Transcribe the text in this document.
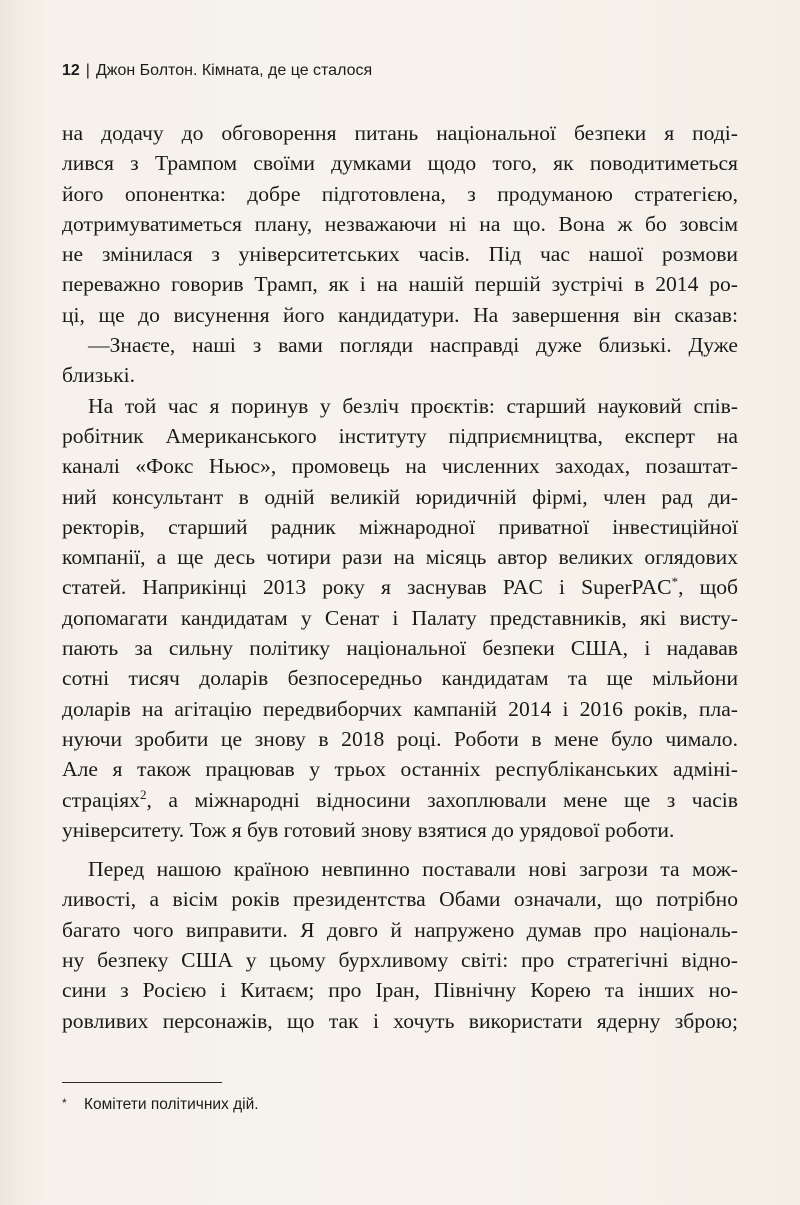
12 | Джон Болтон. Кімната, де це сталося

на додачу до обговорення питань національної безпеки я поді-
лився з Трампом своїми думками щодо того, як поводитиметься
його опонентка: добре підготовлена, з продуманою стратегією,
дотримуватиметься плану, незважаючи ні на що. Вона ж бо зовсім
не змінилася з університетських часів. Під час нашої розмови
переважно говорив Трамп, як і на нашій першій зустрічі в 2014 ро-
ці, ще до висунення його кандидатури. На завершення він сказав:

—Знаєте, наші з вами погляди насправді дуже близькі. Дуже
близькі.

На той час я поринув у безліч проєктів: старший науковий спів-
робітник Американського інституту підприємництва, експерт на
каналі «Фокс Ньюс», промовець на численних заходах, позаштат-
ний консультант в одній великій юридичній фірмі, член рад ди-
ректорів, старший радник міжнародної приватної інвестиційної
компанії, а ще десь чотири рази на місяць автор великих оглядових
статей. Наприкінці 2013 року я заснував PAC і SuperPAC*, щоб
допомагати кандидатам у Сенат і Палату представників, які висту-
пають за сильну політику національної безпеки США, і надавав
сотні тисяч доларів безпосередньо кандидатам та ще мільйони
доларів на агітацію передвиборчих кампаній 2014 і 2016 років, пла-
нуючи зробити це знову в 2018 році. Роботи в мене було чимало.
Але я також працював у трьох останніх республіканських адміні-
страціях$^2$, а міжнародні відносини захоплювали мене ще з часів
університету. Тож я був готовий знову взятися до урядової роботи.

Перед нашою країною невпинно поставали нові загрози та мож-
ливості, а вісім років президентства Обами означали, що потрібно
багато чого виправити. Я довго й напружено думав про національ-
ну безпеку США у цьому бурхливому світі: про стратегічні відно-
сини з Росією і Китаєм; про Іран, Північну Корею та інших но-
ровливих персонажів, що так і хочуть використати ядерну зброю;

* Комітети політичних дій.
